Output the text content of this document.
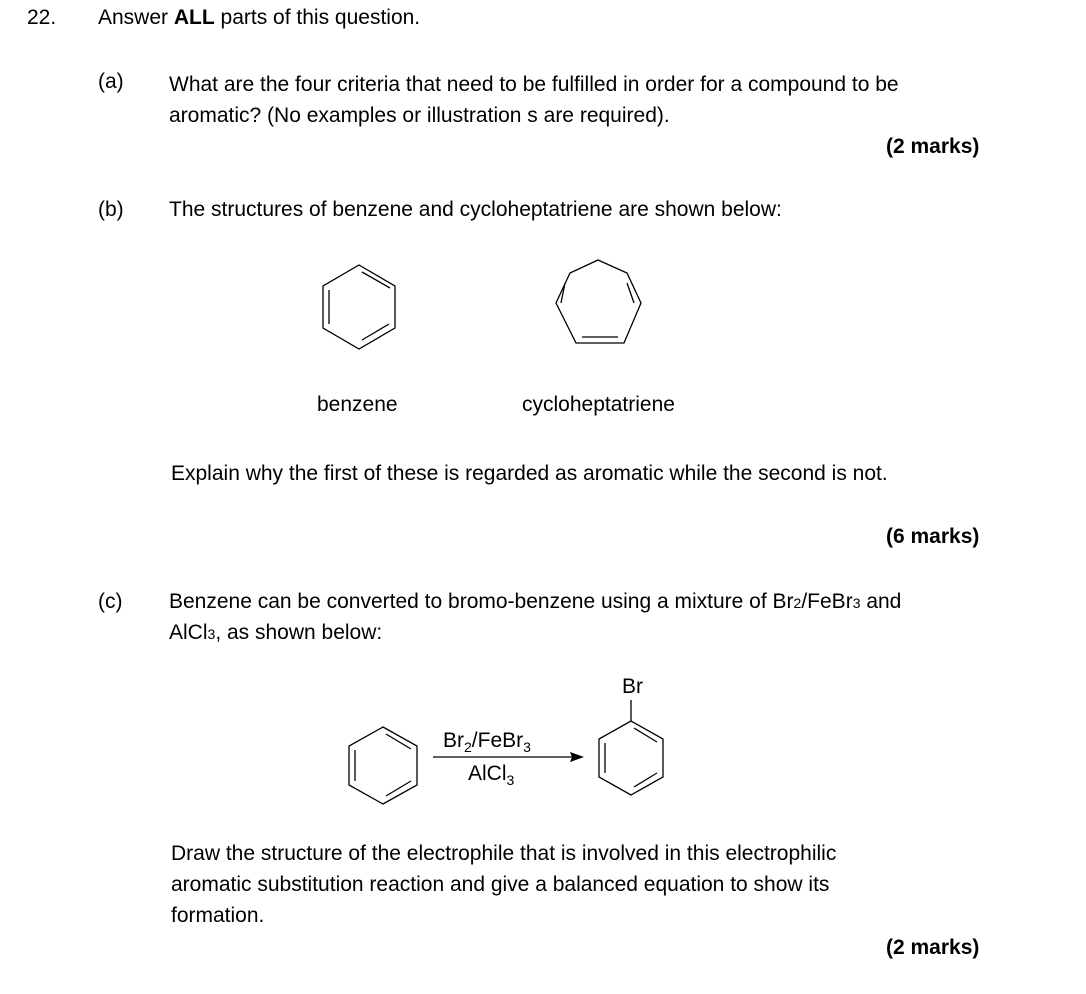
22. Answer ALL parts of this question.
(a) What are the four criteria that need to be fulfilled in order for a compound to be
aromatic? (No examples or illustration s are required).
(2 marks)
(b) The structures of benzene and cycloheptatriene are shown below:
benzene	cycloheptatriene
Explain why the first of these is regarded as aromatic while the second is not.
(6 marks)
(c) Benzene can be converted to bromo-benzene using a mixture of Br2/FeBr3 and
AlCl3, as shown below:
$Br_2/FeBr_3$
AlCl$_3$
Br
Draw the structure of the electrophile that is involved in this electrophilic
aromatic substitution reaction and give a balanced equation to show its
formation.
(2 marks)
